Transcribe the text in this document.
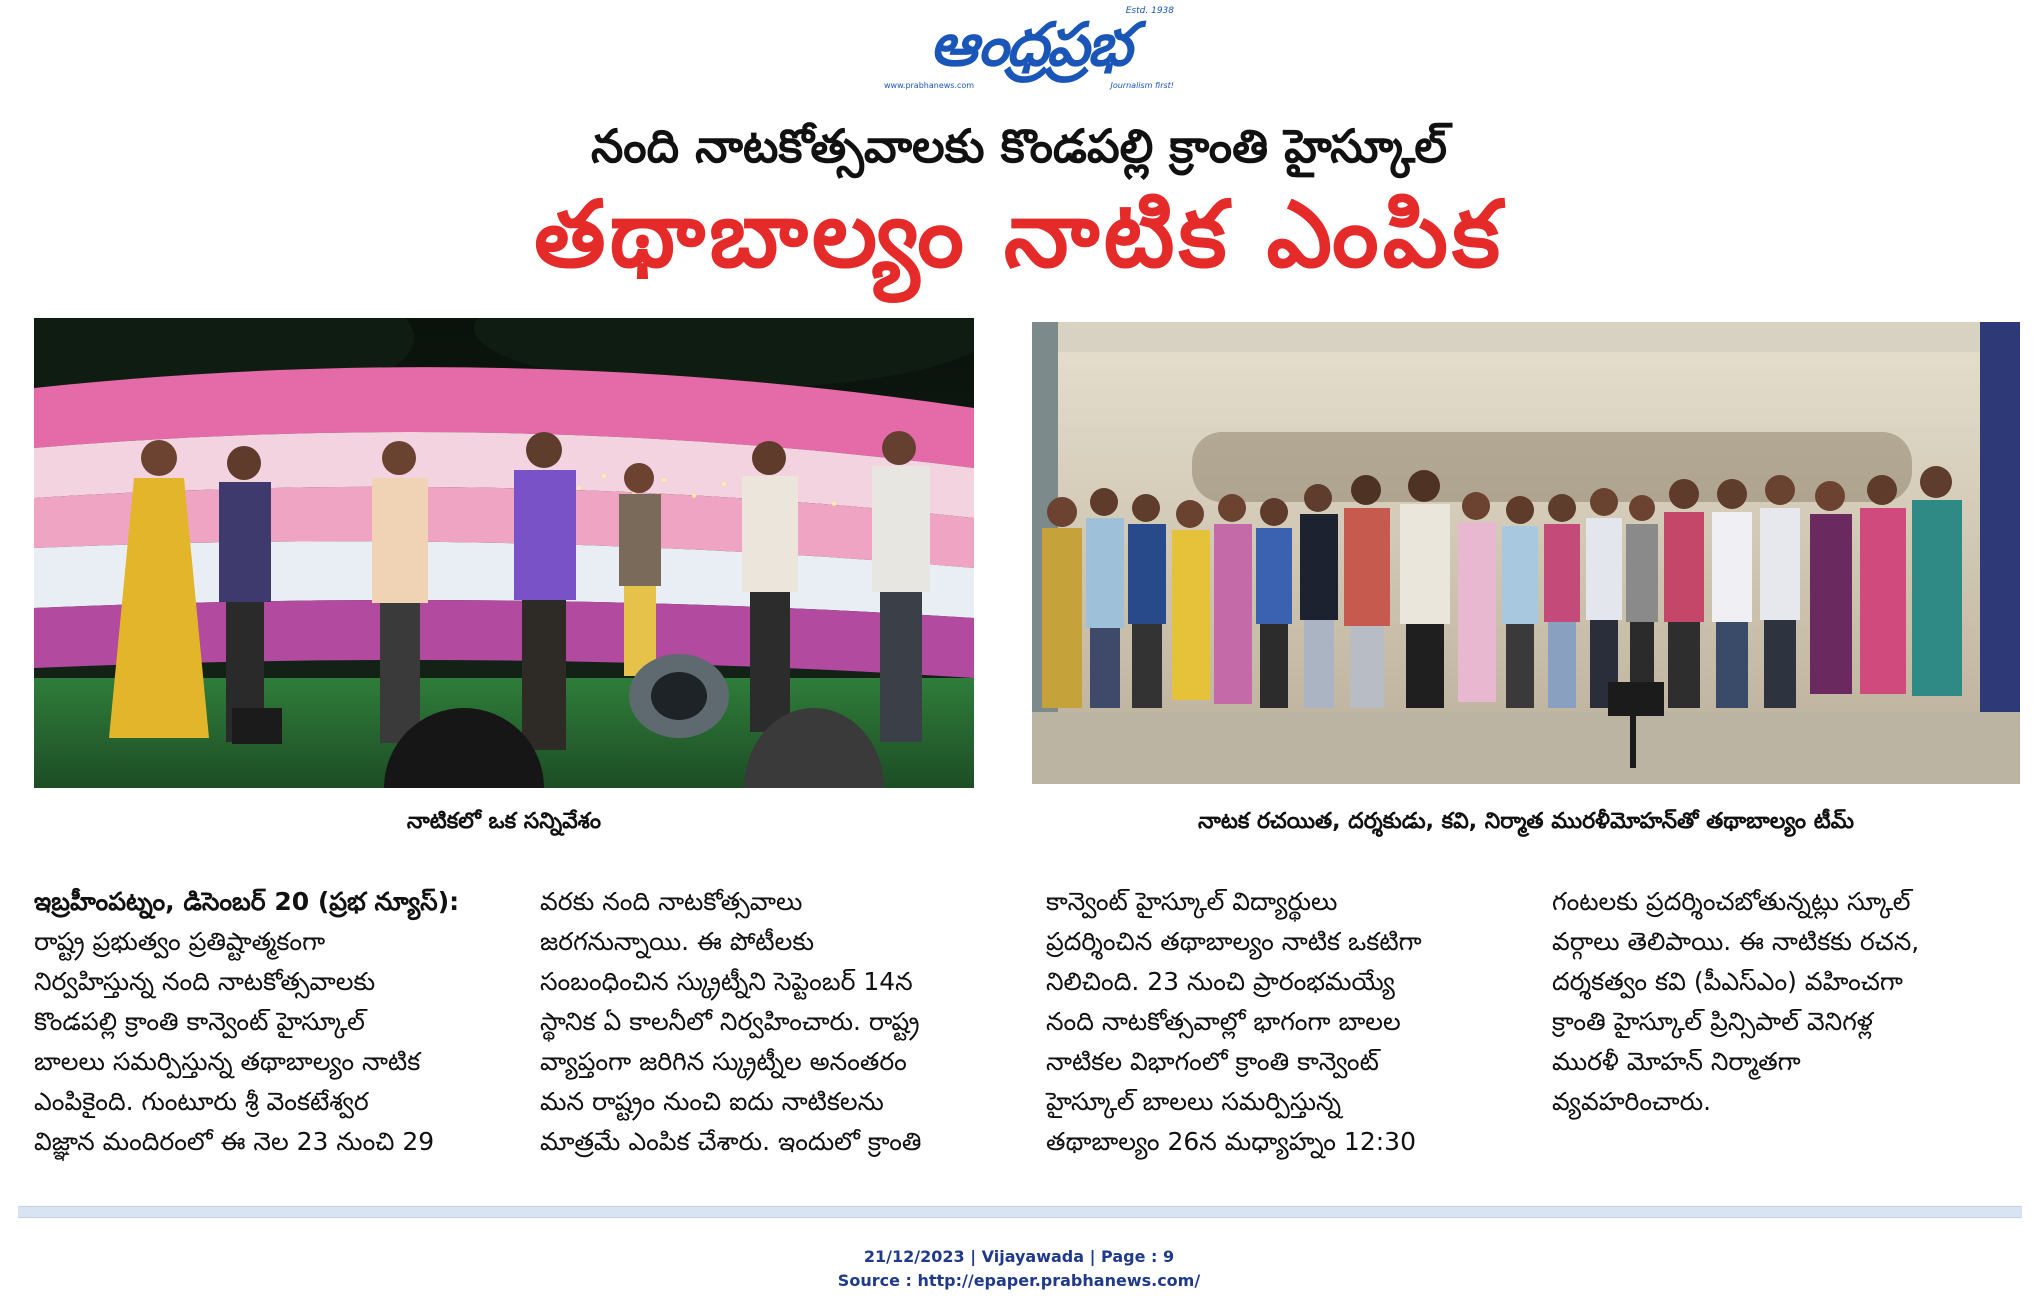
Estd. 1938
ఆంధ్రప్రభ
www.prabhanews.com	Journalism first!
నంది నాటకోత్సవాలకు కొండపల్లి క్రాంతి హైస్కూల్
తథాబాల్యం నాటిక ఎంపిక
నాటికలో ఒక సన్నివేశం	నాటక రచయిత, దర్శకుడు, కవి, నిర్మాత మురళీమోహన్‌తో తథాబాల్యం టీమ్

ఇబ్రహీంపట్నం, డిసెంబర్ 20 (ప్రభ న్యూస్): రాష్ట్ర ప్రభుత్వం ప్రతిష్టాత్మకంగా
నిర్వహిస్తున్న నంది నాటకోత్సవాలకు
కొండపల్లి క్రాంతి కాన్వెంట్ హైస్కూల్
బాలలు సమర్పిస్తున్న తథాబాల్యం నాటిక
ఎంపికైంది. గుంటూరు శ్రీ వెంకటేశ్వర
విజ్ఞాన మందిరంలో ఈ నెల 23 నుంచి 29

వరకు నంది నాటకోత్సవాలు
జరగనున్నాయి. ఈ పోటీలకు
సంబంధించిన స్క్రుట్నీని సెప్టెంబర్ 14న
స్థానిక ఏ కాలనీలో నిర్వహించారు. రాష్ట్ర
వ్యాప్తంగా జరిగిన స్క్రుట్నీల అనంతరం
మన రాష్ట్రం నుంచి ఐదు నాటికలను
మాత్రమే ఎంపిక చేశారు. ఇందులో క్రాంతి

కాన్వెంట్ హైస్కూల్ విద్యార్థులు
ప్రదర్శించిన తథాబాల్యం నాటిక ఒకటిగా
నిలిచింది. 23 నుంచి ప్రారంభమయ్యే
నంది నాటకోత్సవాల్లో భాగంగా బాలల
నాటికల విభాగంలో క్రాంతి కాన్వెంట్
హైస్కూల్ బాలలు సమర్పిస్తున్న
తథాబాల్యం 26న మధ్యాహ్నం 12:30

గంటలకు ప్రదర్శించబోతున్నట్లు స్కూల్
వర్గాలు తెలిపాయి. ఈ నాటికకు రచన,
దర్శకత్వం కవి (పీఎస్ఎం) వహించగా
క్రాంతి హైస్కూల్ ప్రిన్సిపాల్ వెనిగళ్ల
మురళీ మోహన్ నిర్మాతగా
వ్యవహరించారు.

21/12/2023 | Vijayawada | Page : 9
Source : http://epaper.prabhanews.com/
